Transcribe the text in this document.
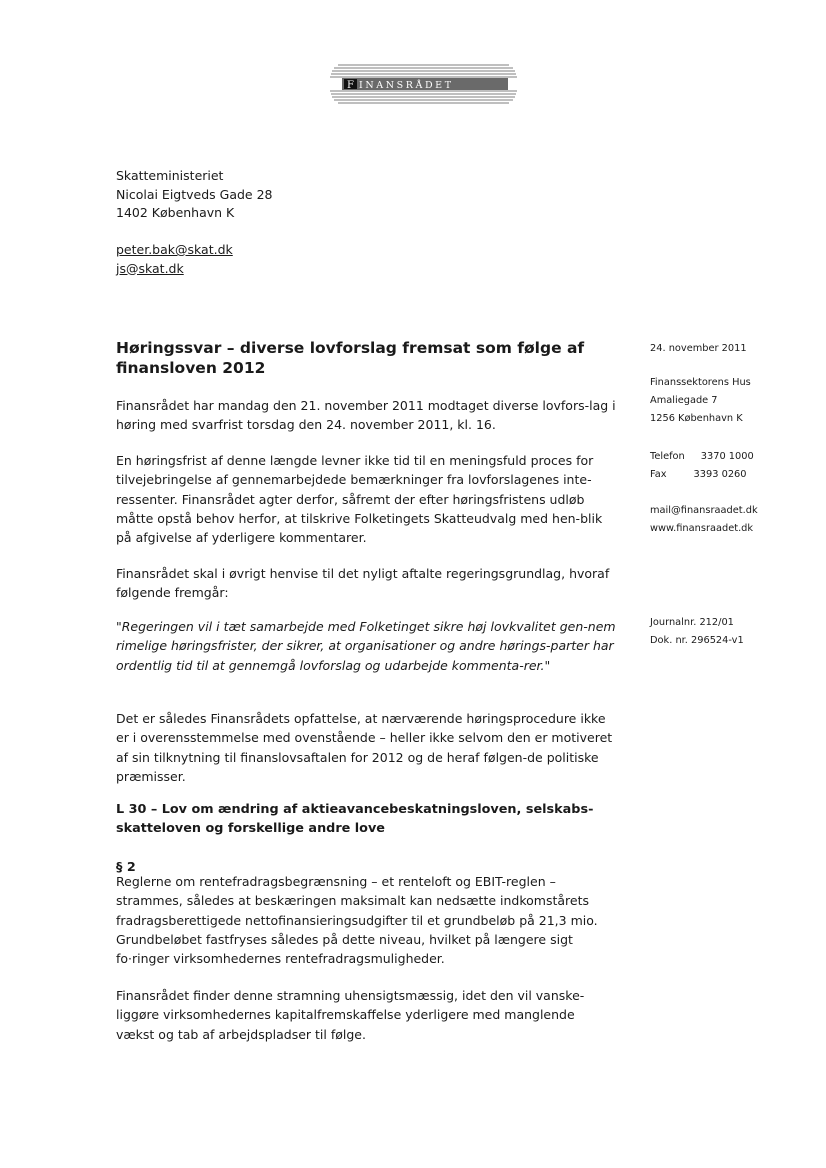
F INANSRÅDET
Skatteministeriet
Nicolai Eigtveds Gade 28
1402 København K
peter.bak@skat.dk
js@skat.dk
Høringssvar – diverse lovforslag fremsat som følge af finansloven 2012

Finansrådet har mandag den 21. november 2011 modtaget diverse lovfors-lag i høring med svarfrist torsdag den 24. november 2011, kl. 16.

En høringsfrist af denne længde levner ikke tid til en meningsfuld proces for tilvejebringelse af gennemarbejdede bemærkninger fra lovforslagenes inte-ressenter. Finansrådet agter derfor, såfremt der efter høringsfristens udløb måtte opstå behov herfor, at tilskrive Folketingets Skatteudvalg med hen-blik på afgivelse af yderligere kommentarer.

Finansrådet skal i øvrigt henvise til det nyligt aftalte regeringsgrundlag, hvoraf følgende fremgår:

"Regeringen vil i tæt samarbejde med Folketinget sikre høj lovkvalitet gen-nem rimelige høringsfrister, der sikrer, at organisationer og andre hørings-parter har ordentlig tid til at gennemgå lovforslag og udarbejde kommenta-rer."

Det er således Finansrådets opfattelse, at nærværende høringsprocedure ikke er i overensstemmelse med ovenstående – heller ikke selvom den er motiveret af sin tilknytning til finanslovsaftalen for 2012 og de heraf følgen-de politiske præmisser.

L 30 – Lov om ændring af aktieavancebeskatningsloven, selskabs-skatteloven og forskellige andre love

§ 2

Reglerne om rentefradragsbegrænsning – et renteloft og EBIT-reglen – strammes, således at beskæringen maksimalt kan nedsætte indkomstårets fradragsberettigede nettofinansieringsudgifter til et grundbeløb på 21,3 mio. Grundbeløbet fastfryses således på dette niveau, hvilket på længere sigt fo·ringer virksomhedernes rentefradragsmuligheder.

Finansrådet finder denne stramning uhensigtsmæssig, idet den vil vanske-liggøre virksomhedernes kapitalfremskaffelse yderligere med manglende vækst og tab af arbejdspladser til følge.

24. november 2011
Finanssektorens Hus
Amaliegade 7
1256 København K
Telefon 3370 1000
Fax	3393 0260
mail@finansraadet.dk
www.finansraadet.dk
Journalnr. 212/01
Dok. nr. 296524-v1
